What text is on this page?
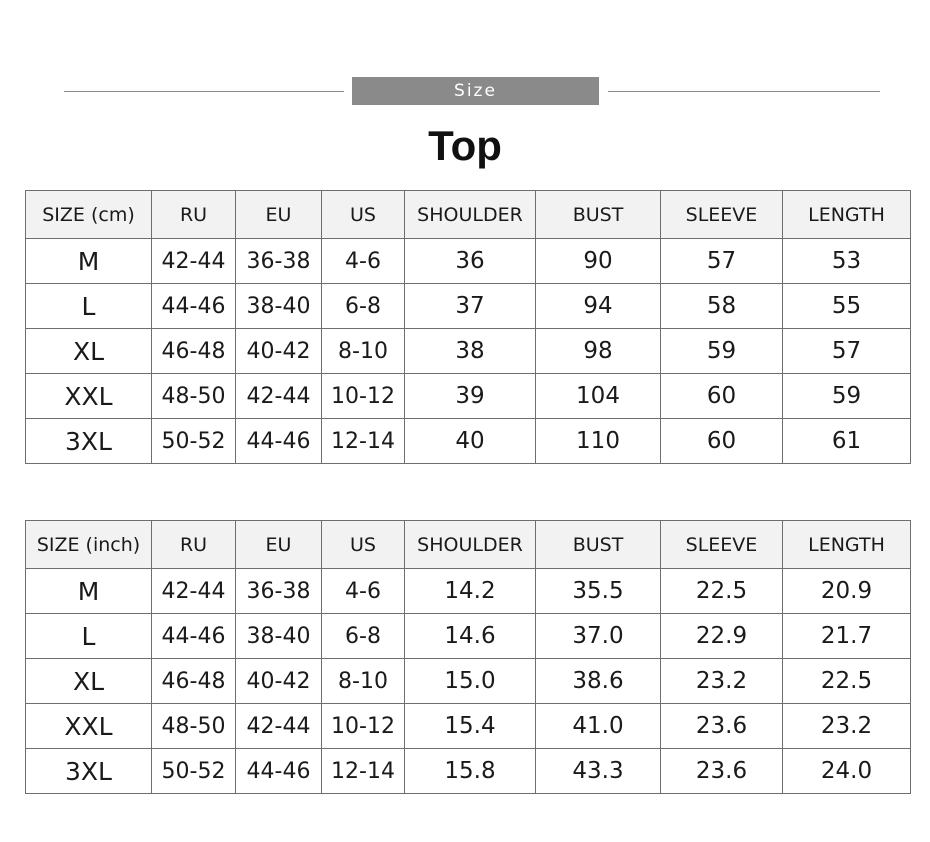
Size
Top
SIZE (cm)	RU	EU	US	SHOULDER	BUST	SLEEVE	LENGTH
M	42-44	36-38	4-6	36	90	57	53
L	44-46	38-40	6-8	37	94	58	55
XL	46-48	40-42	8-10	38	98	59	57
XXL	48-50	42-44	10-12	39	104	60	59
3XL	50-52	44-46	12-14	40	110	60	61
SIZE (inch)	RU	EU	US	SHOULDER	BUST	SLEEVE	LENGTH
M	42-44	36-38	4-6	14.2	35.5	22.5	20.9
L	44-46	38-40	6-8	14.6	37.0	22.9	21.7
XL	46-48	40-42	8-10	15.0	38.6	23.2	22.5
XXL	48-50	42-44	10-12	15.4	41.0	23.6	23.2
3XL	50-52	44-46	12-14	15.8	43.3	23.6	24.0
